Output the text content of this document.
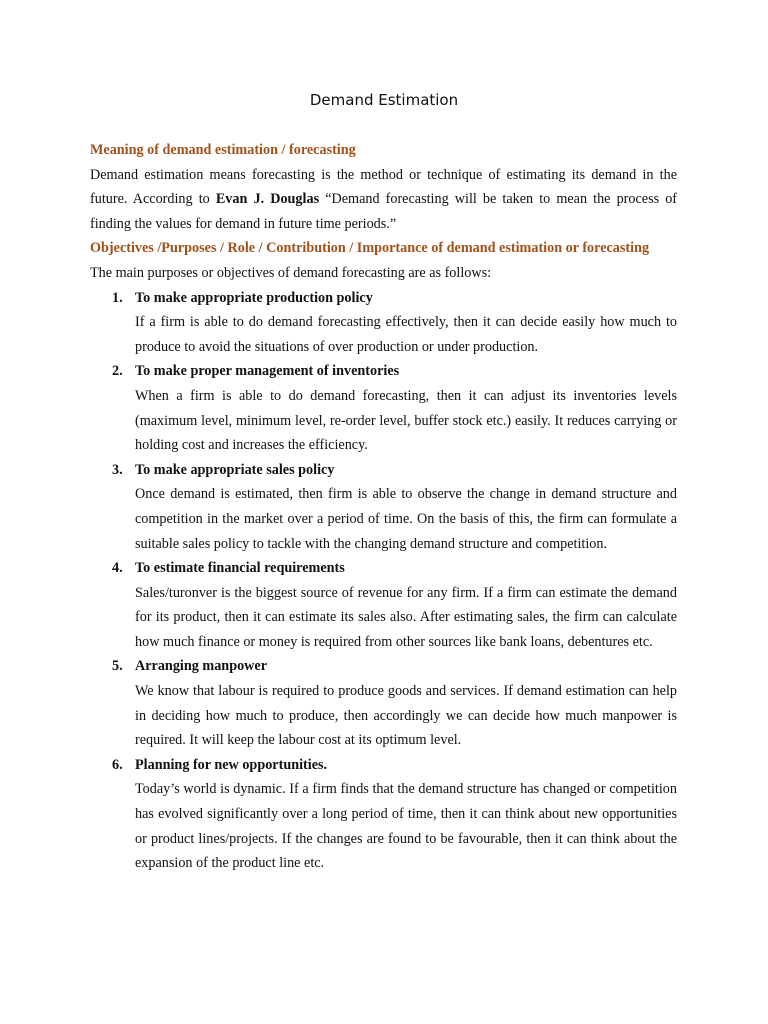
Demand Estimation

Meaning of demand estimation / forecasting

Demand estimation means forecasting is the method or technique of estimating its demand in the future. According to Evan J. Douglas “Demand forecasting will be taken to mean the process of finding the values for demand in future time periods.”

Objectives /Purposes / Role / Contribution / Importance of demand estimation or forecasting

The main purposes or objectives of demand forecasting are as follows:

1. To make appropriate production policy

If a firm is able to do demand forecasting effectively, then it can decide easily how much to produce to avoid the situations of over production or under production.

2. To make proper management of inventories

When a firm is able to do demand forecasting, then it can adjust its inventories levels (maximum level, minimum level, re-order level, buffer stock etc.) easily. It reduces carrying or holding cost and increases the efficiency.

3. To make appropriate sales policy

Once demand is estimated, then firm is able to observe the change in demand structure and competition in the market over a period of time. On the basis of this, the firm can formulate a suitable sales policy to tackle with the changing demand structure and competition.

4. To estimate financial requirements

Sales/turonver is the biggest source of revenue for any firm. If a firm can estimate the demand for its product, then it can estimate its sales also. After estimating sales, the firm can calculate how much finance or money is required from other sources like bank loans, debentures etc.

5. Arranging manpower

We know that labour is required to produce goods and services. If demand estimation can help in deciding how much to produce, then accordingly we can decide how much manpower is required. It will keep the labour cost at its optimum level.

6. Planning for new opportunities.

Today’s world is dynamic. If a firm finds that the demand structure has changed or competition has evolved significantly over a long period of time, then it can think about new opportunities or product lines/projects. If the changes are found to be favourable, then it can think about the expansion of the product line etc.
